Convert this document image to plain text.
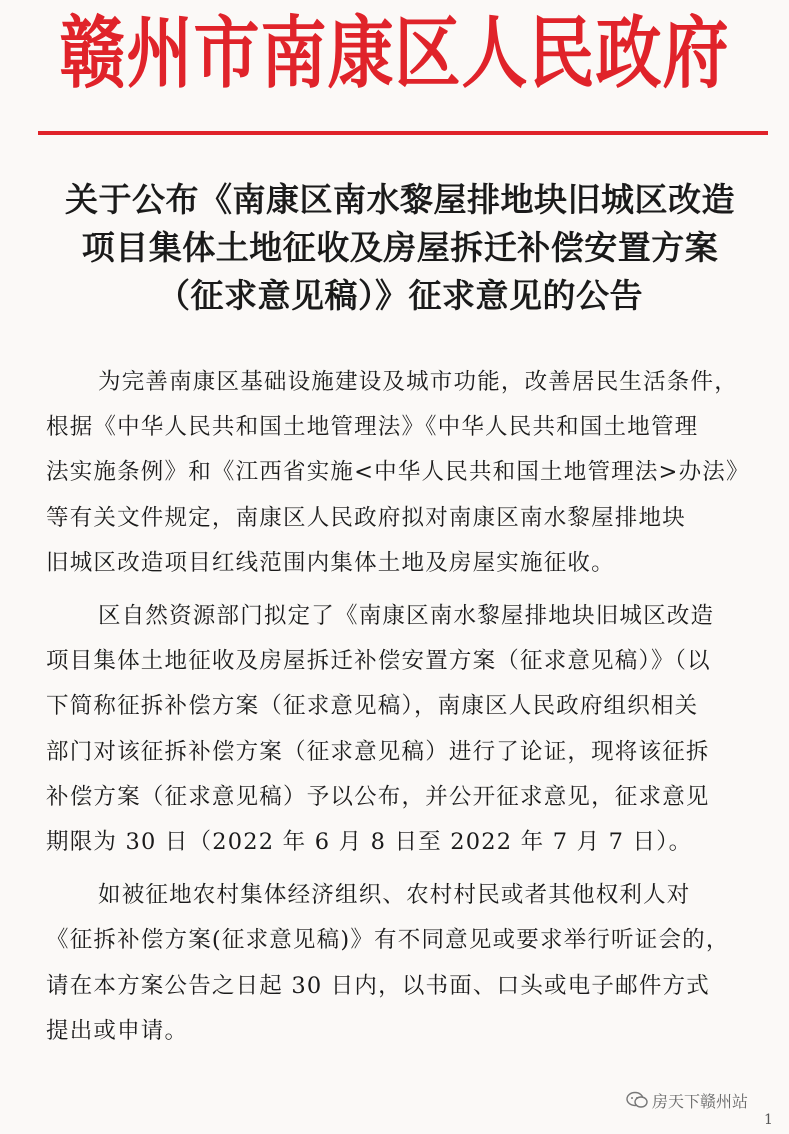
赣州市南康区人民政府
关于公布《南康区南水黎屋排地块旧城区改造
项目集体土地征收及房屋拆迁补偿安置方案
（征求意见稿）》征求意见的公告
为完善南康区基础设施建设及城市功能，改善居民生活条件，
根据《中华人民共和国土地管理法》《中华人民共和国土地管理
法实施条例》和《江西省实施<中华人民共和国土地管理法>办法》
等有关文件规定，南康区人民政府拟对南康区南水黎屋排地块
旧城区改造项目红线范围内集体土地及房屋实施征收。
区自然资源部门拟定了《南康区南水黎屋排地块旧城区改造
项目集体土地征收及房屋拆迁补偿安置方案（征求意见稿）》（以
下简称征拆补偿方案（征求意见稿），南康区人民政府组织相关
部门对该征拆补偿方案（征求意见稿）进行了论证，现将该征拆
补偿方案（征求意见稿）予以公布，并公开征求意见，征求意见
期限为 30 日（2022 年 6 月 8 日至 2022 年 7 月 7 日）。
如被征地农村集体经济组织、农村村民或者其他权利人对
《征拆补偿方案(征求意见稿)》有不同意见或要求举行听证会的，
请在本方案公告之日起 30 日内，以书面、口头或电子邮件方式
提出或申请。
房天下赣州站
1
